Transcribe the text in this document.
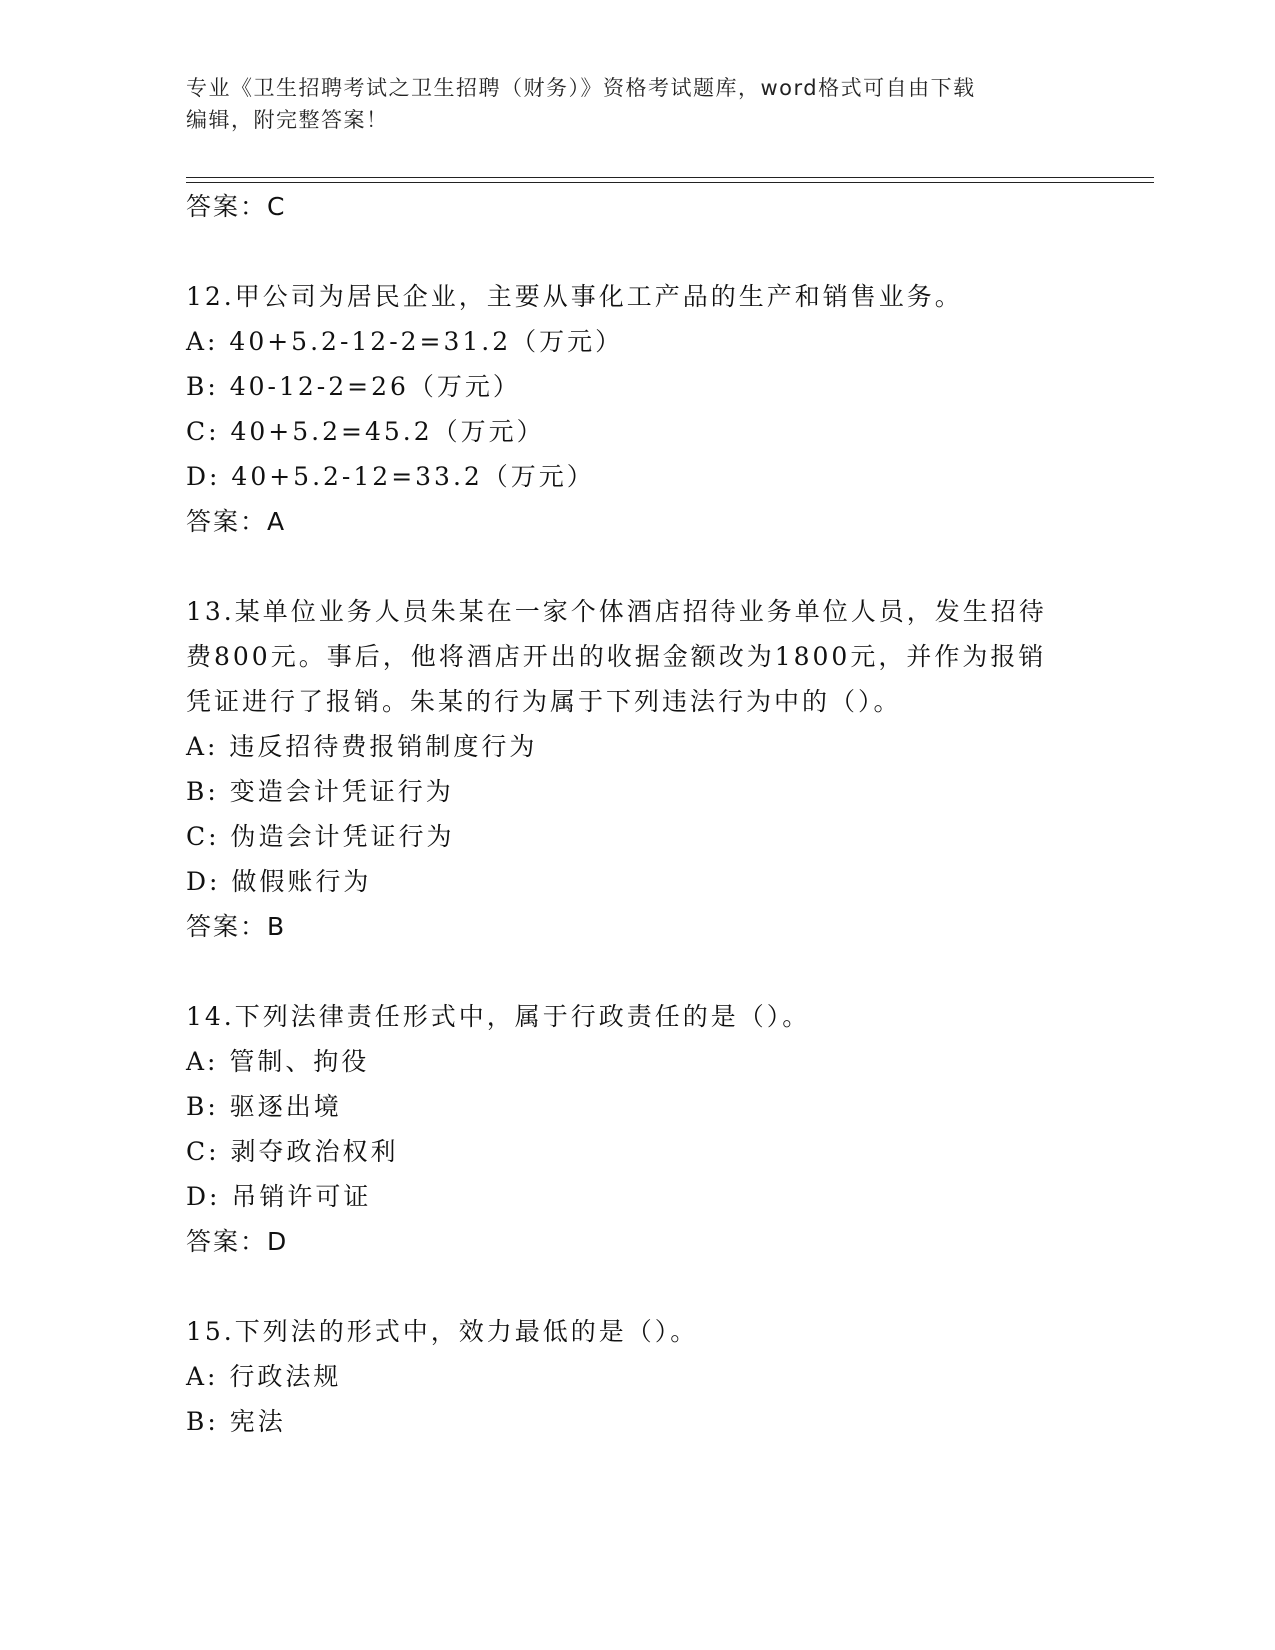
专业《卫生招聘考试之卫生招聘（财务）》资格考试题库，word格式可自由下载
编辑，附完整答案！
答案：C
12.甲公司为居民企业，主要从事化工产品的生产和销售业务。
A: 40+5.2-12-2=31.2（万元）
B: 40-12-2=26（万元）
C: 40+5.2=45.2（万元）
D: 40+5.2-12=33.2（万元）
答案：A
13.某单位业务人员朱某在一家个体酒店招待业务单位人员，发生招待
费800元。事后，他将酒店开出的收据金额改为1800元，并作为报销
凭证进行了报销。朱某的行为属于下列违法行为中的（）。
A: 违反招待费报销制度行为
B: 变造会计凭证行为
C: 伪造会计凭证行为
D: 做假账行为
答案：B
14.下列法律责任形式中，属于行政责任的是（）。
A: 管制、拘役
B: 驱逐出境
C: 剥夺政治权利
D: 吊销许可证
答案：D
15.下列法的形式中，效力最低的是（）。
A: 行政法规
B: 宪法
